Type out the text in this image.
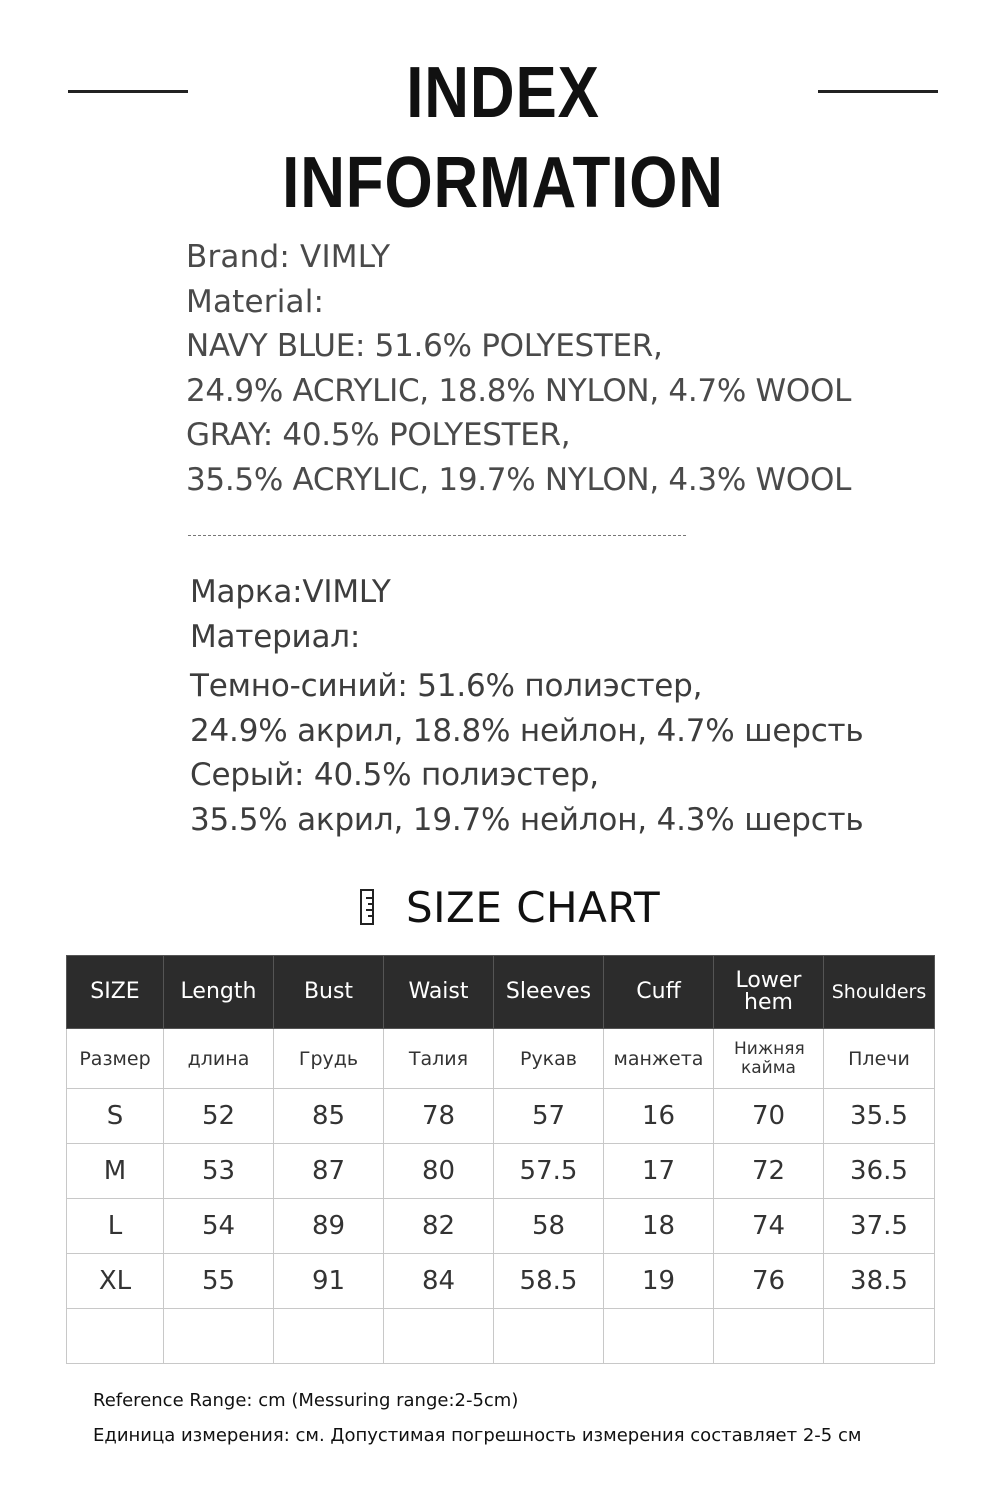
INDEX INFORMATION
Brand: VIMLY
Material:
NAVY BLUE: 51.6% POLYESTER,
24.9% ACRYLIC, 18.8% NYLON, 4.7% WOOL
GRAY: 40.5% POLYESTER,
35.5% ACRYLIC, 19.7% NYLON, 4.3% WOOL
Марка:VIMLY
Материал:
Темно-синий: 51.6% полиэстер,
24.9% акрил, 18.8% нейлон, 4.7% шерсть
Серый: 40.5% полиэстер,
35.5% акрил, 19.7% нейлон, 4.3% шерсть
SIZE CHART
SIZE	Length	Bust	Waist	Sleeves	Cuff	Lower hem	Shoulders
Размер	длина	Грудь	Талия	Рукав	манжета	Нижняя кайма	Плечи
S	52	85	78	57	16	70	35.5
M	53	87	80	57.5	17	72	36.5
L	54	89	82	58	18	74	37.5
XL	55	91	84	58.5	19	76	38.5

Reference Range: cm (Messuring range:2-5cm)
Единица измерения: см. Допустимая погрешность измерения составляет 2-5 см
